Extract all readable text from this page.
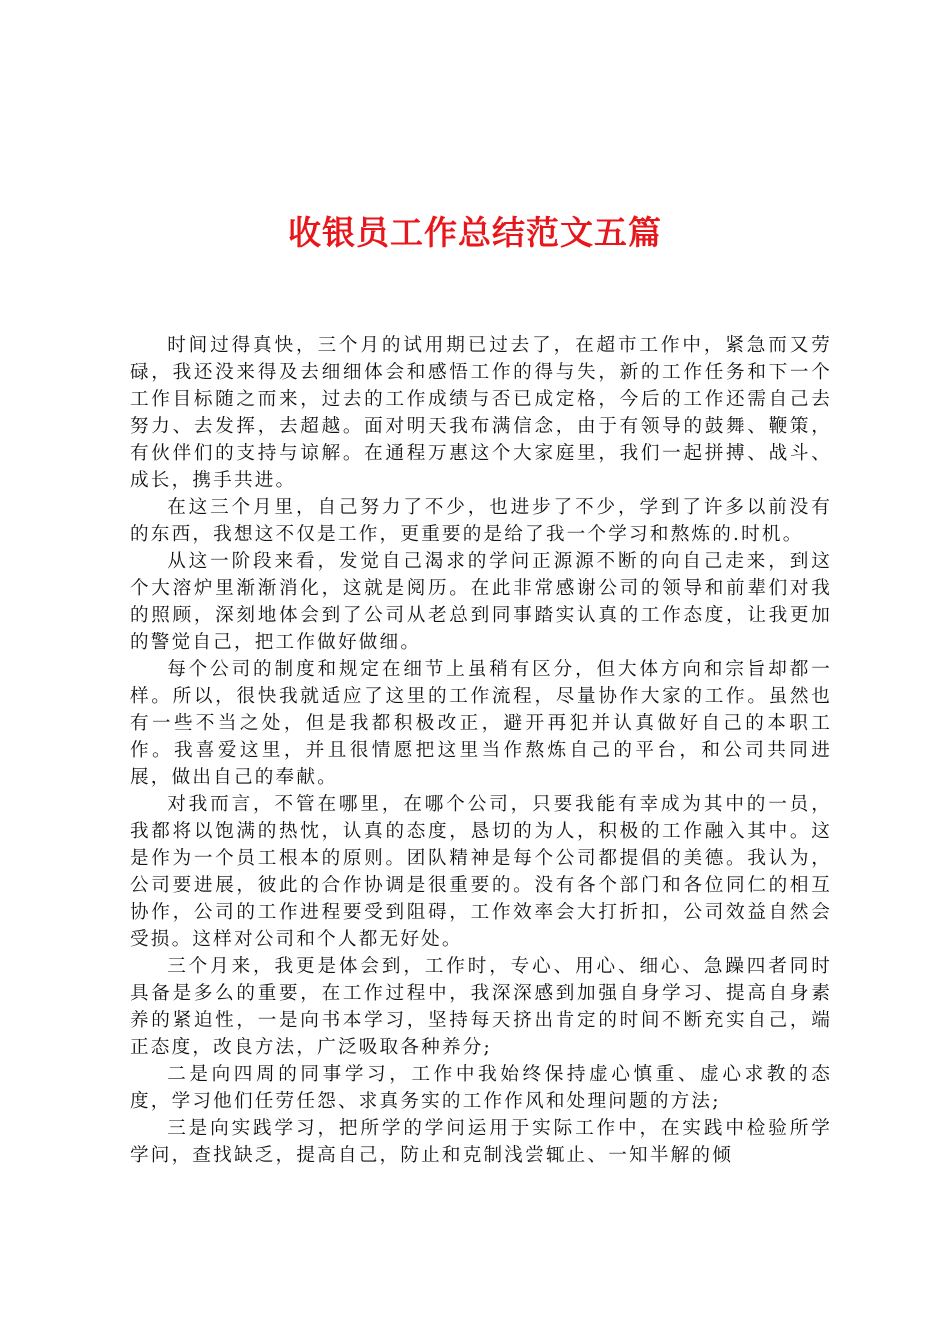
收银员工作总结范文五篇

时间过得真快，三个月的试用期已过去了，在超市工作中，紧急而又劳碌，我还没来得及去细细体会和感悟工作的得与失，新的工作任务和下一个工作目标随之而来，过去的工作成绩与否已成定格，今后的工作还需自己去努力、去发挥，去超越。面对明天我布满信念，由于有领导的鼓舞、鞭策，有伙伴们的支持与谅解。在通程万惠这个大家庭里，我们一起拼搏、战斗、成长，携手共进。

在这三个月里，自己努力了不少，也进步了不少，学到了许多以前没有的东西，我想这不仅是工作，更重要的是给了我一个学习和熬炼的.时机。

从这一阶段来看，发觉自己渴求的学问正源源不断的向自己走来，到这个大溶炉里渐渐消化，这就是阅历。在此非常感谢公司的领导和前辈们对我的照顾，深刻地体会到了公司从老总到同事踏实认真的工作态度，让我更加的警觉自己，把工作做好做细。

每个公司的制度和规定在细节上虽稍有区分，但大体方向和宗旨却都一样。所以，很快我就适应了这里的工作流程，尽量协作大家的工作。虽然也有一些不当之处，但是我都积极改正，避开再犯并认真做好自己的本职工作。我喜爱这里，并且很情愿把这里当作熬炼自己的平台，和公司共同进展，做出自己的奉献。

对我而言，不管在哪里，在哪个公司，只要我能有幸成为其中的一员，我都将以饱满的热忱，认真的态度，恳切的为人，积极的工作融入其中。这是作为一个员工根本的原则。团队精神是每个公司都提倡的美德。我认为，公司要进展，彼此的合作协调是很重要的。没有各个部门和各位同仁的相互协作，公司的工作进程要受到阻碍，工作效率会大打折扣，公司效益自然会受损。这样对公司和个人都无好处。

三个月来，我更是体会到，工作时，专心、用心、细心、急躁四者同时具备是多么的重要，在工作过程中，我深深感到加强自身学习、提高自身素养的紧迫性，一是向书本学习，坚持每天挤出肯定的时间不断充实自己，端正态度，改良方法，广泛吸取各种养分;

二是向四周的同事学习，工作中我始终保持虚心慎重、虚心求教的态度，学习他们任劳任怨、求真务实的工作作风和处理问题的方法;

三是向实践学习，把所学的学问运用于实际工作中，在实践中检验所学学问，查找缺乏，提高自己，防止和克制浅尝辄止、一知半解的倾
